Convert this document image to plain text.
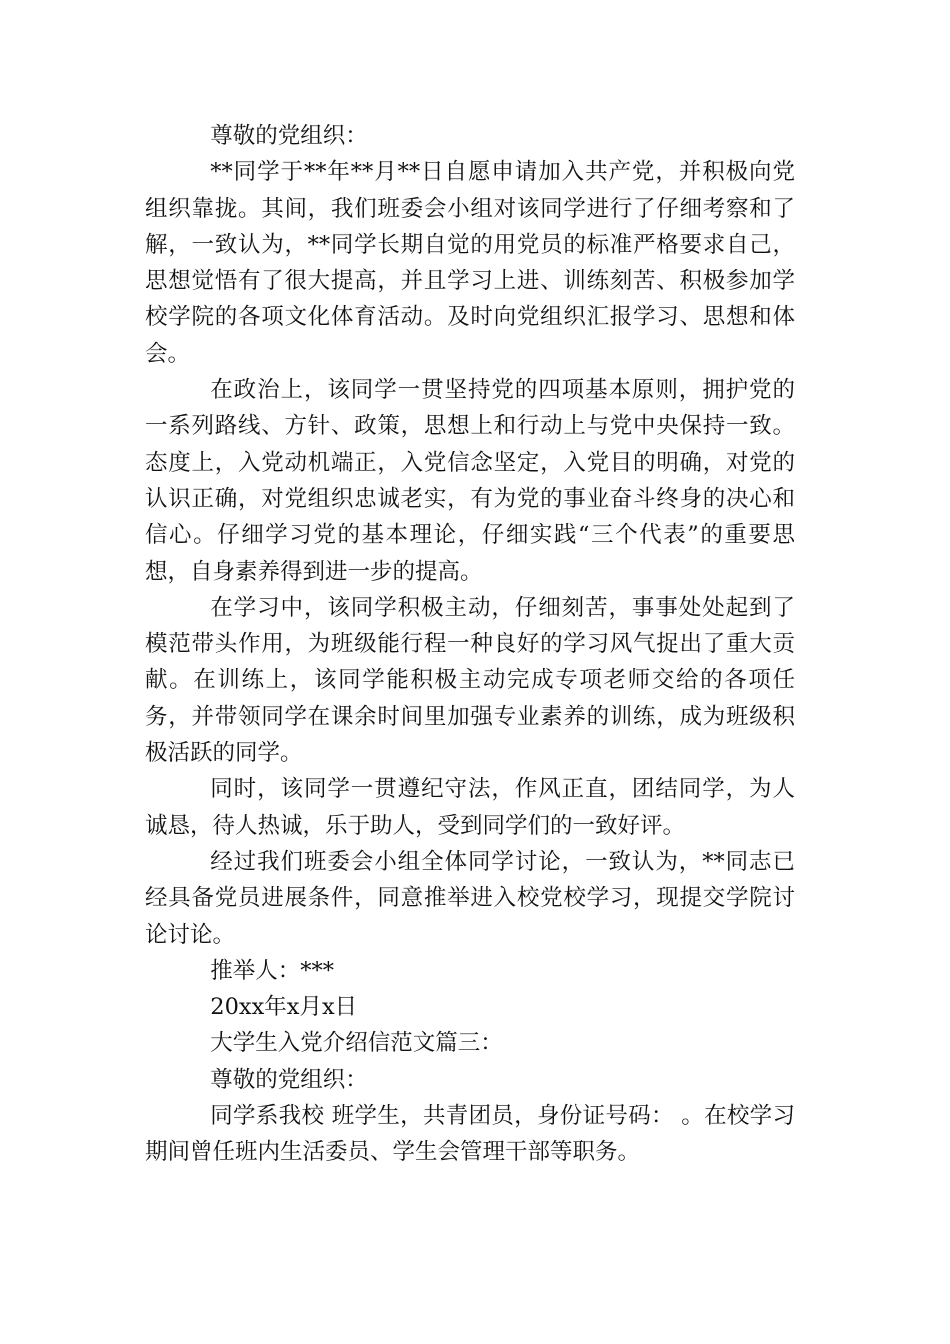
尊敬的党组织：

**同学于**年**月**日自愿申请加入共产党，并积极向党组织靠拢。其间，我们班委会小组对该同学进行了仔细考察和了解，一致认为，**同学长期自觉的用党员的标准严格要求自己，思想觉悟有了很大提高，并且学习上进、训练刻苦、积极参加学校学院的各项文化体育活动。及时向党组织汇报学习、思想和体会。

在政治上，该同学一贯坚持党的四项基本原则，拥护党的一系列路线、方针、政策，思想上和行动上与党中央保持一致。态度上，入党动机端正，入党信念坚定，入党目的明确，对党的认识正确，对党组织忠诚老实，有为党的事业奋斗终身的决心和信心。仔细学习党的基本理论，仔细实践“三个代表”的重要思想，自身素养得到进一步的提高。

在学习中，该同学积极主动，仔细刻苦，事事处处起到了模范带头作用，为班级能行程一种良好的学习风气捉出了重大贡献。在训练上，该同学能积极主动完成专项老师交给的各项任务，并带领同学在课余时间里加强专业素养的训练，成为班级积极活跃的同学。

同时，该同学一贯遵纪守法，作风正直，团结同学，为人诚恳，待人热诚，乐于助人，受到同学们的一致好评。

经过我们班委会小组全体同学讨论，一致认为，**同志已经具备党员进展条件，同意推举进入校党校学习，现提交学院讨论讨论。

推举人：***

20xx年x月x日

大学生入党介绍信范文篇三：

尊敬的党组织：

同学系我校 班学生，共青团员，身份证号码： 。在校学习期间曾任班内生活委员、学生会管理干部等职务。
